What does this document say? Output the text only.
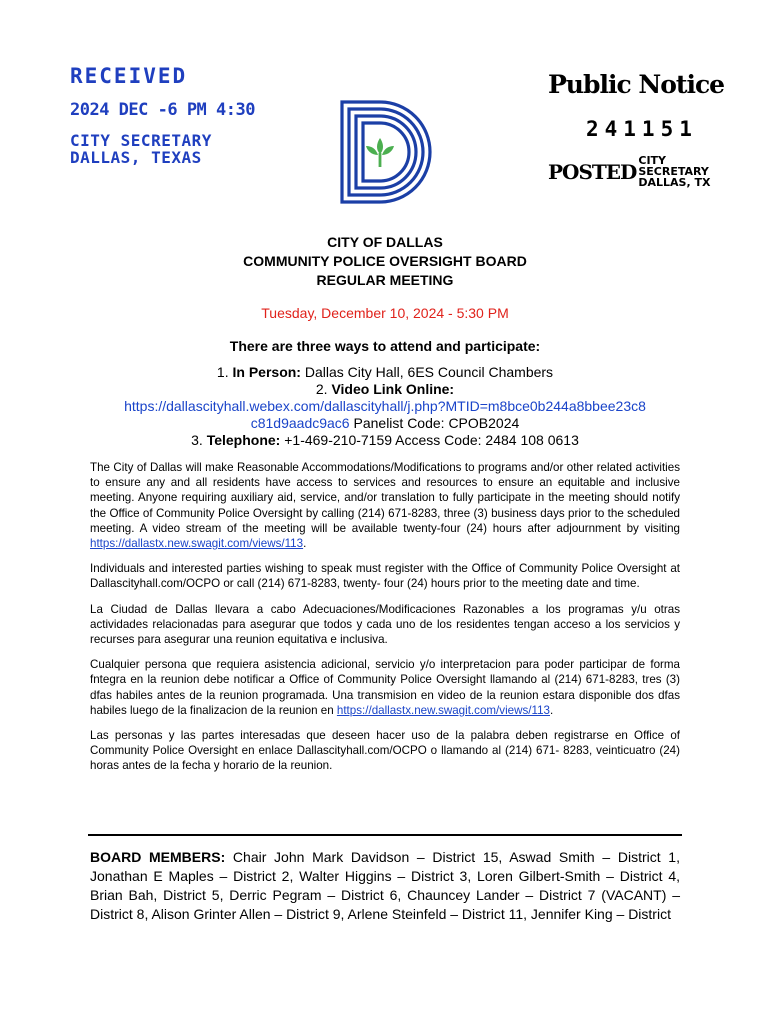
RECEIVED
2024 DEC -6 PM 4:30
CITY SECRETARY
DALLAS, TEXAS
Public Notice
241151
POSTED CITY SECRETARY
DALLAS, TX
CITY OF DALLAS
COMMUNITY POLICE OVERSIGHT BOARD
REGULAR MEETING
Tuesday, December 10, 2024 - 5:30 PM
There are three ways to attend and participate:
1. In Person: Dallas City Hall, 6ES Council Chambers
2. Video Link Online:
https://dallascityhall.webex.com/dallascityhall/j.php?MTID=m8bce0b244a8bbee23c8
c81d9aadc9ac6 Panelist Code: CPOB2024
3. Telephone: +1-469-210-7159 Access Code: 2484 108 0613

The City of Dallas will make Reasonable Accommodations/Modifications to programs and/or other related activities to ensure any and all residents have access to services and resources to ensure an equitable and inclusive meeting. Anyone requiring auxiliary aid, service, and/or translation to fully participate in the meeting should notify the Office of Community Police Oversight by calling (214) 671-8283, three (3) business days prior to the scheduled meeting. A video stream of the meeting will be available twenty-four (24) hours after adjournment by visiting https://dallastx.new.swagit.com/views/113.

Individuals and interested parties wishing to speak must register with the Office of Community Police Oversight at Dallascityhall.com/OCPO or call (214) 671-8283, twenty- four (24) hours prior to the meeting date and time.

La Ciudad de Dallas llevara a cabo Adecuaciones/Modificaciones Razonables a los programas y/u otras actividades relacionadas para asegurar que todos y cada uno de los residentes tengan acceso a los servicios y recurses para asegurar una reunion equitativa e inclusiva.

Cualquier persona que requiera asistencia adicional, servicio y/o interpretacion para poder participar de forma fntegra en la reunion debe notificar a Office of Community Police Oversight llamando al (214) 671-8283, tres (3) dfas habiles antes de la reunion programada. Una transmision en video de la reunion estara disponible dos dfas habiles luego de la finalizacion de la reunion en https://dallastx.new.swagit.com/views/113.

Las personas y las partes interesadas que deseen hacer uso de la palabra deben registrarse en Office of Community Police Oversight en enlace Dallascityhall.com/OCPO o llamando al (214) 671- 8283, veinticuatro (24) horas antes de la fecha y horario de la reunion.

BOARD MEMBERS: Chair John Mark Davidson – District 15, Aswad Smith – District 1, Jonathan E Maples – District 2, Walter Higgins – District 3, Loren Gilbert-Smith – District 4, Brian Bah, District 5, Derric Pegram – District 6, Chauncey Lander – District 7 (VACANT) – District 8, Alison Grinter Allen – District 9, Arlene Steinfeld – District 11, Jennifer King – District
